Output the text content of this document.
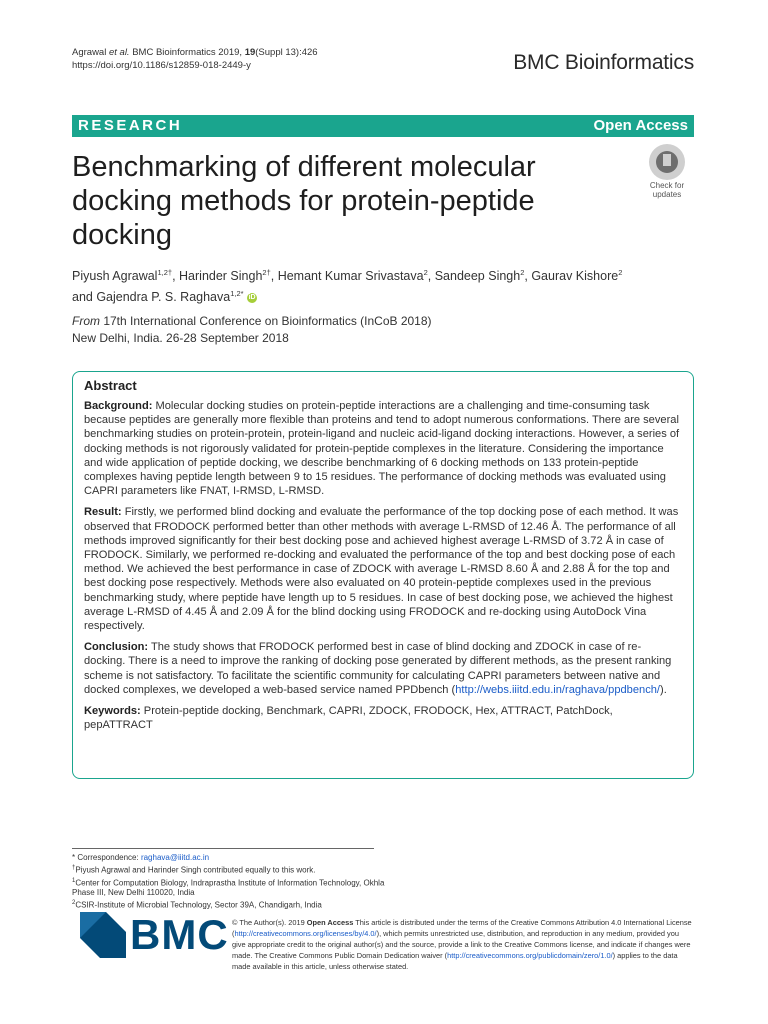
Agrawal et al. BMC Bioinformatics 2019, 19(Suppl 13):426
https://doi.org/10.1186/s12859-018-2449-y	BMC Bioinformatics
RESEARCH	Open Access
Benchmarking of different molecular docking methods for protein-peptide docking
Check for
updates
Piyush Agrawal$^{1,2\dagger}$, Harinder Singh$^{2\dagger}$, Hemant Kumar Srivastava$^2$, Sandeep Singh$^2$, Gaurav Kishore$^2$
and Gajendra P. S. Raghava$^{1,2*}$ iD
From 17th International Conference on Bioinformatics (InCoB 2018)
New Delhi, India. 26-28 September 2018
Abstract

Background: Molecular docking studies on protein-peptide interactions are a challenging and time-consuming task because peptides are generally more flexible than proteins and tend to adopt numerous conformations. There are several benchmarking studies on protein-protein, protein-ligand and nucleic acid-ligand docking interactions. However, a series of docking methods is not rigorously validated for protein-peptide complexes in the literature. Considering the importance and wide application of peptide docking, we describe benchmarking of 6 docking methods on 133 protein-peptide complexes having peptide length between 9 to 15 residues. The performance of docking methods was evaluated using CAPRI parameters like FNAT, I-RMSD, L-RMSD.

Result: Firstly, we performed blind docking and evaluate the performance of the top docking pose of each method. It was observed that FRODOCK performed better than other methods with average L-RMSD of 12.46 Å. The performance of all methods improved significantly for their best docking pose and achieved highest average L-RMSD of 3.72 Å in case of FRODOCK. Similarly, we performed re-docking and evaluated the performance of the top and best docking pose of each method. We achieved the best performance in case of ZDOCK with average L-RMSD 8.60 Å and 2.88 Å for the top and best docking pose respectively. Methods were also evaluated on 40 protein-peptide complexes used in the previous benchmarking study, where peptide have length up to 5 residues. In case of best docking pose, we achieved the highest average L-RMSD of 4.45 Å and 2.09 Å for the blind docking using FRODOCK and re-docking using AutoDock Vina respectively.

Conclusion: The study shows that FRODOCK performed best in case of blind docking and ZDOCK in case of re-docking. There is a need to improve the ranking of docking pose generated by different methods, as the present ranking scheme is not satisfactory. To facilitate the scientific community for calculating CAPRI parameters between native and docked complexes, we developed a web-based service named PPDbench (http://webs.iiitd.edu.in/raghava/ppdbench/).

Keywords: Protein-peptide docking, Benchmark, CAPRI, ZDOCK, FRODOCK, Hex, ATTRACT, PatchDock, pepATTRACT

* Correspondence: raghava@iiitd.ac.in
†Piyush Agrawal and Harinder Singh contributed equally to this work.
$^1$Center for Computation Biology, Indraprastha Institute of Information Technology, Okhla Phase III, New Delhi 110020, India
$^2$CSIR-Institute of Microbial Technology, Sector 39A, Chandigarh, India
BMC © The Author(s). 2019 Open Access This article is distributed under the terms of the Creative Commons Attribution 4.0 International License (http://creativecommons.org/licenses/by/4.0/), which permits unrestricted use, distribution, and reproduction in any medium, provided you give appropriate credit to the original author(s) and the source, provide a link to the Creative Commons license, and indicate if changes were made. The Creative Commons Public Domain Dedication waiver (http://creativecommons.org/publicdomain/zero/1.0/) applies to the data made available in this article, unless otherwise stated.
